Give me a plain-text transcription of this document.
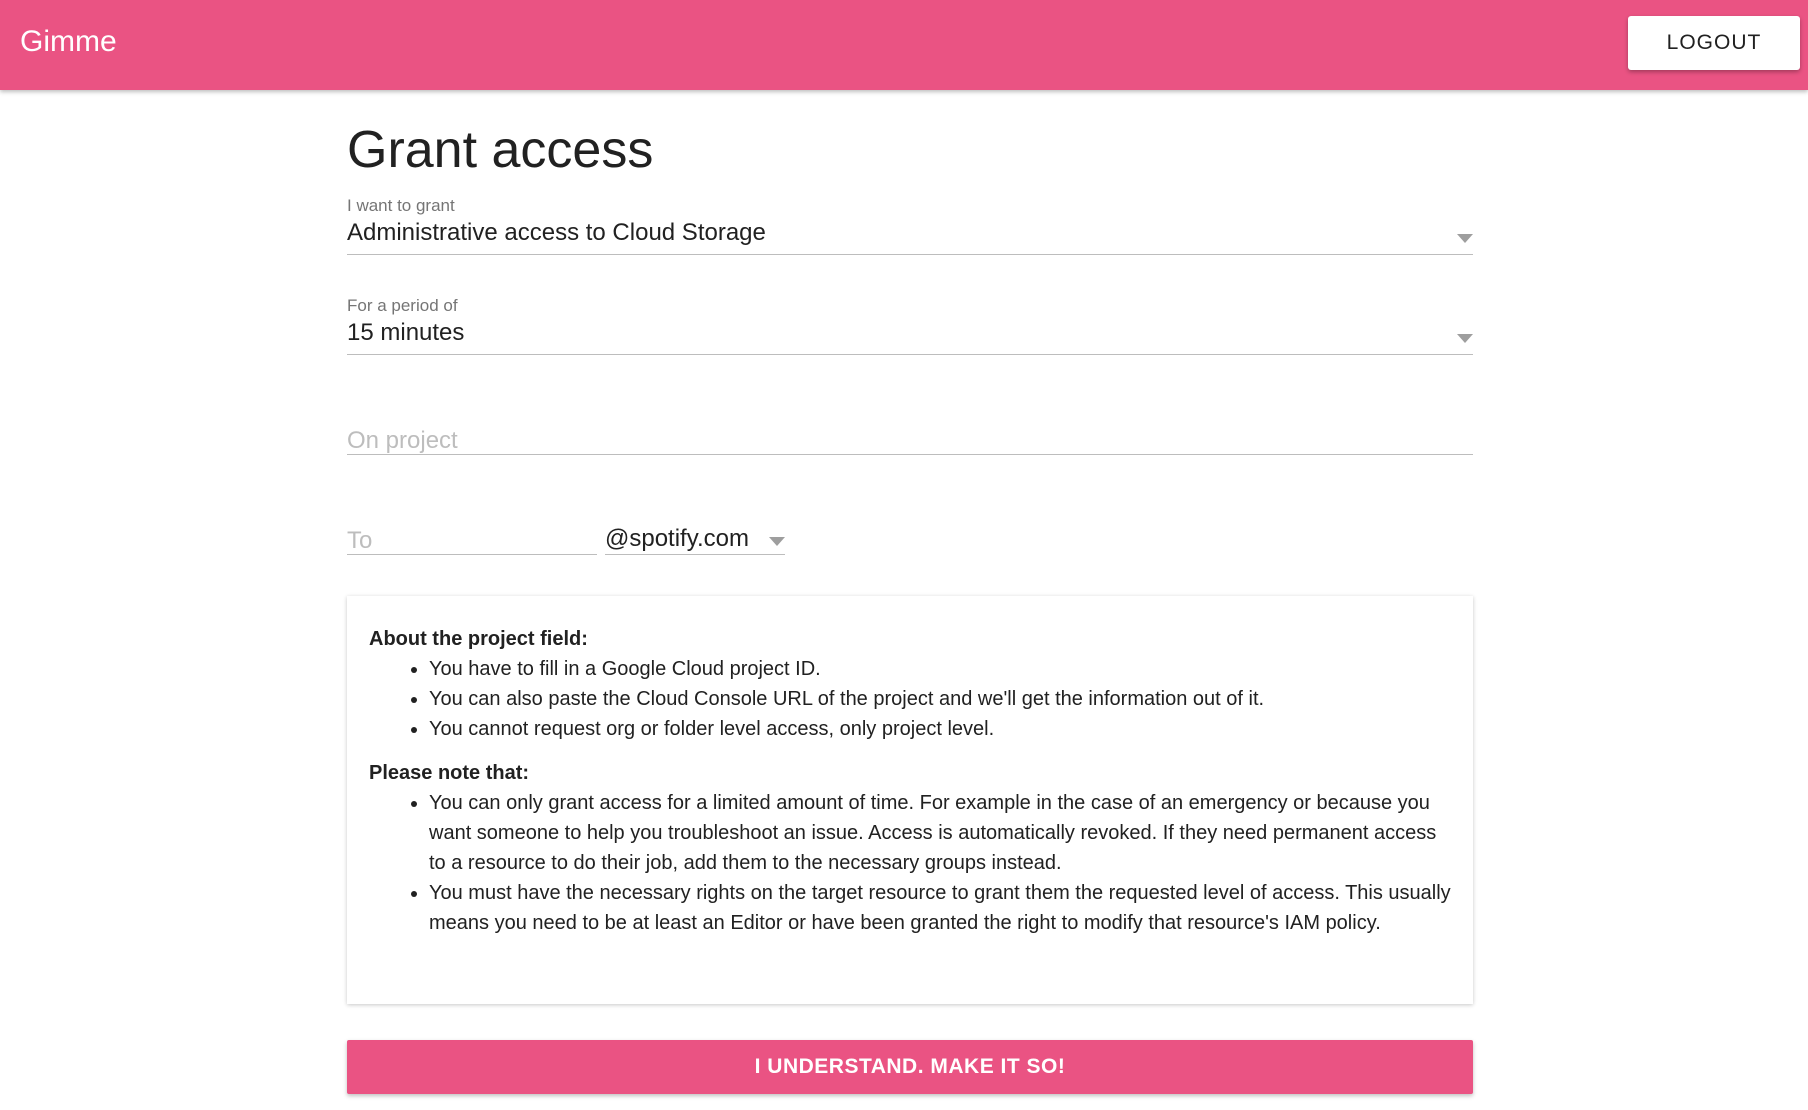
Gimme	LOGOUT
Grant access
I want to grant
Administrative access to Cloud Storage
For a period of
15 minutes
On project
To	@spotify.com
About the project field:
• You have to fill in a Google Cloud project ID.
• You can also paste the Cloud Console URL of the project and we'll get the information out of it.
• You cannot request org or folder level access, only project level.
Please note that:
• You can only grant access for a limited amount of time. For example in the case of an emergency or because you want someone to help you troubleshoot an issue. Access is automatically revoked. If they need permanent access to a resource to do their job, add them to the necessary groups instead.
• You must have the necessary rights on the target resource to grant them the requested level of access. This usually means you need to be at least an Editor or have been granted the right to modify that resource's IAM policy.
I UNDERSTAND. MAKE IT SO!
